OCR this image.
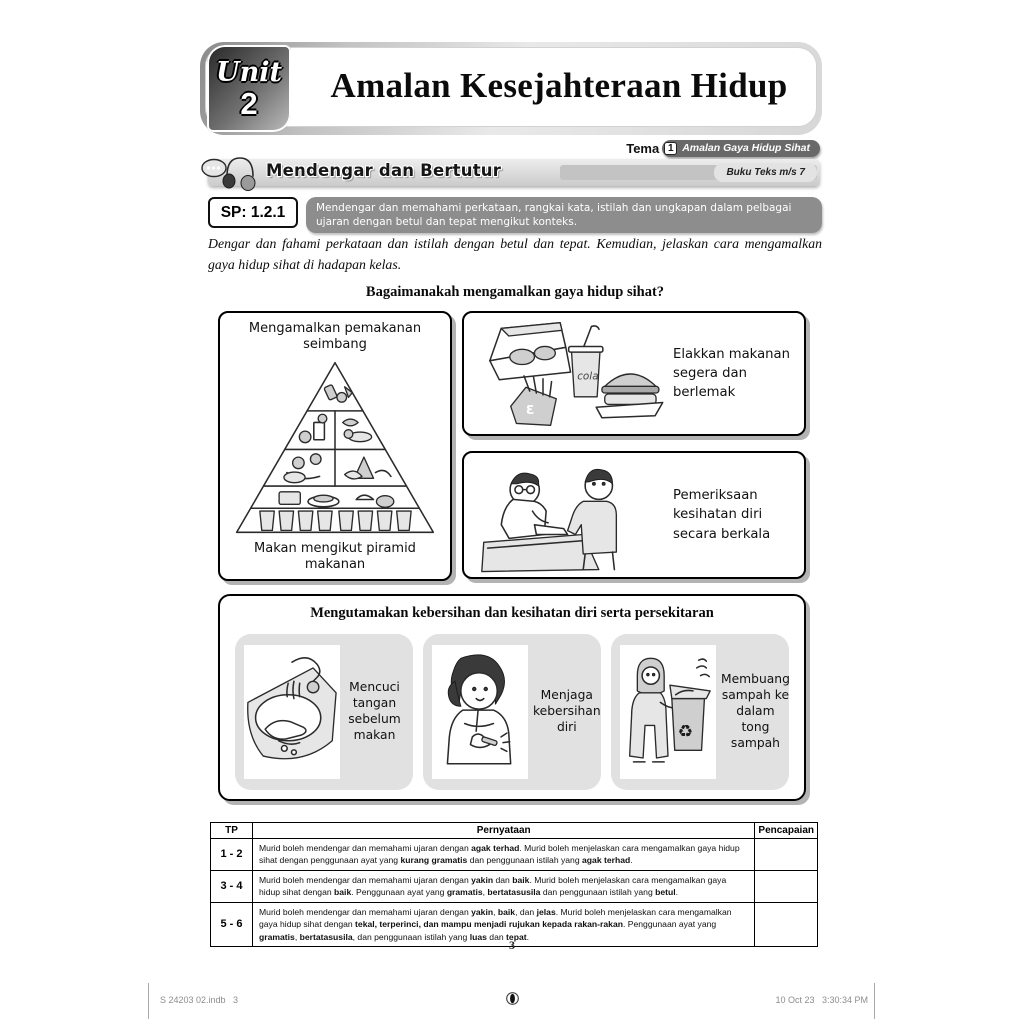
Amalan Kesejahteraan Hidup
Unit
2
Tema 1 Amalan Gaya Hidup Sihat
Mendengar dan Bertutur	Buku Teks m/s 7
SP: 1.2.1	Mendengar dan memahami perkataan, rangkai kata, istilah dan ungkapan dalam pelbagai ujaran dengan betul dan tepat mengikut konteks.
Dengar dan fahami perkataan dan istilah dengan betul dan tepat. Kemudian, jelaskan cara mengamalkan gaya hidup sihat di hadapan kelas.
Bagaimanakah mengamalkan gaya hidup sihat?
Mengamalkan pemakanan seimbang
Makan mengikut piramid makanan
cola
Ɛ
Elakkan makanan segera dan berlemak
Pemeriksaan kesihatan diri secara berkala
Mengutamakan kebersihan dan kesihatan diri serta persekitaran
Mencuci tangan sebelum makan
Menjaga kebersihan diri	♻
Membuang sampah ke dalam tong sampah
TP	Pernyataan	Pencapaian
1 - 2	Murid boleh mendengar dan memahami ujaran dengan agak terhad. Murid boleh menjelaskan cara mengamalkan gaya hidup sihat dengan penggunaan ayat yang kurang gramatis dan penggunaan istilah yang agak terhad.	
3 - 4	Murid boleh mendengar dan memahami ujaran dengan yakin dan baik. Murid boleh menjelaskan cara mengamalkan gaya hidup sihat dengan baik. Penggunaan ayat yang gramatis, bertatasusila dan penggunaan istilah yang betul.	
5 - 6	Murid boleh mendengar dan memahami ujaran dengan yakin, baik, dan jelas. Murid boleh menjelaskan cara mengamalkan gaya hidup sihat dengan tekal, terperinci, dan mampu menjadi rujukan kepada rakan-rakan. Penggunaan ayat yang gramatis, bertatasusila, dan penggunaan istilah yang luas dan tepat.	
3
S 24203 02.indb   3	10 Oct 23   3:30:34 PM
